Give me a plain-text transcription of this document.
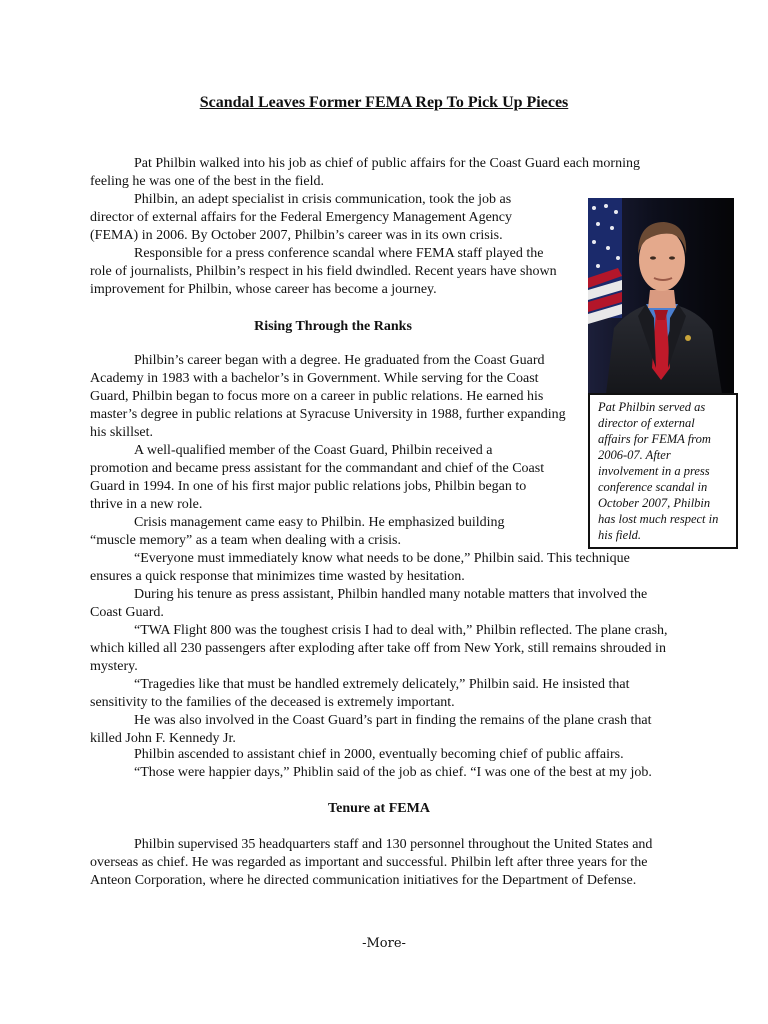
Scandal Leaves Former FEMA Rep To Pick Up Pieces

Pat Philbin walked into his job as chief of public affairs for the Coast Guard each morning feeling he was one of the best in the field.

Philbin, an adept specialist in crisis communication, took the job as director of external affairs for the Federal Emergency Management Agency (FEMA) in 2006. By October 2007, Philbin’s career was in its own crisis.

Responsible for a press conference scandal where FEMA staff played the role of journalists, Philbin’s respect in his field dwindled. Recent years have shown improvement for Philbin, whose career has become a journey.

Rising Through the Ranks

Philbin’s career began with a degree. He graduated from the Coast Guard Academy in 1983 with a bachelor’s in Government. While serving for the Coast Guard, Philbin began to focus more on a career in public relations. He earned his master’s degree in public relations at Syracuse University in 1988, further expanding his skillset.

A well-qualified member of the Coast Guard, Philbin received a promotion and became press assistant for the commandant and chief of the Coast Guard in 1994. In one of his first major public relations jobs, Philbin began to thrive in a new role.

Crisis management came easy to Philbin. He emphasized building “muscle memory” as a team when dealing with a crisis.

“Everyone must immediately know what needs to be done,” Philbin said. This technique ensures a quick response that minimizes time wasted by hesitation.

During his tenure as press assistant, Philbin handled many notable matters that involved the Coast Guard.

“TWA Flight 800 was the toughest crisis I had to deal with,” Philbin reflected. The plane crash, which killed all 230 passengers after exploding after take off from New York, still remains shrouded in mystery.

“Tragedies like that must be handled extremely delicately,” Philbin said. He insisted that sensitivity to the families of the deceased is extremely important.

He was also involved in the Coast Guard’s part in finding the remains of the plane crash that killed John F. Kennedy Jr.

Philbin ascended to assistant chief in 2000, eventually becoming chief of public affairs.

“Those were happier days,” Phiblin said of the job as chief. “I was one of the best at my job.

Tenure at FEMA

Philbin supervised 35 headquarters staff and 130 personnel throughout the United States and overseas as chief. He was regarded as important and successful. Philbin left after three years for the Anteon Corporation, where he directed communication initiatives for the Department of Defense.

Pat Philbin served as director of external affairs for FEMA from 2006-07. After involvement in a press conference scandal in October 2007, Philbin has lost much respect in his field.
-More-
